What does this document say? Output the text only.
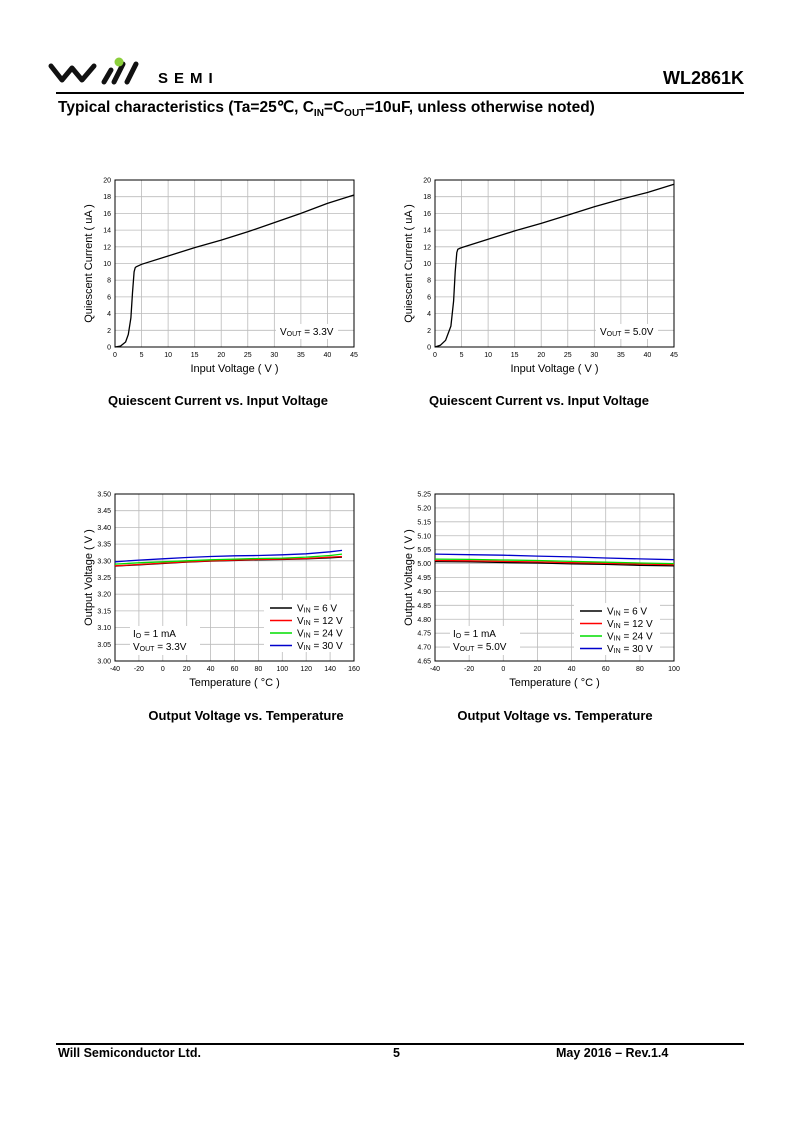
SEMI	WL2861K
Typical characteristics (Ta=25℃, $C_{IN}=C_{OUT}=10uF$, unless otherwise noted)
0	5	10	15	20	25	30	35	40	45
0
2
4
6
8
10
12
14
16
18
20
Input Voltage ( V )
Quiescent Current ( uA )
VOUT = 3.3V
0	5	10	15	20	25	30	35	40	45
0
2
4
6
8
10
12
14
16
18
20
Input Voltage ( V )
Quiescent Current ( uA )
VOUT = 5.0V
-40 -20 0	20 40 60 80 100 120 140 160
3.00
3.05
3.10
3.15
3.20
3.25
3.30
3.35
3.40
3.45
3.50
Temperature ( °C )
Output Voltage ( V )	VIN = 6 V
VIN = 12 V
VIN = 24 V
VIN = 30 V
IO = 1 mA
VOUT = 3.3V
-40	-20	0	20	40	60	80	100
4.65
4.70
4.75
4.80
4.85
4.90
4.95
5.00
5.05
5.10
5.15
5.20
5.25
Temperature ( °C )
Output Voltage ( V )	VIN = 6 V
VIN = 12 V
VIN = 24 V
VIN = 30 V
IO = 1 mA
VOUT = 5.0V
Quiescent Current vs. Input Voltage	Quiescent Current vs. Input Voltage
Output Voltage vs. Temperature	Output Voltage vs. Temperature
Will Semiconductor Ltd.	5	May 2016 – Rev.1.4
